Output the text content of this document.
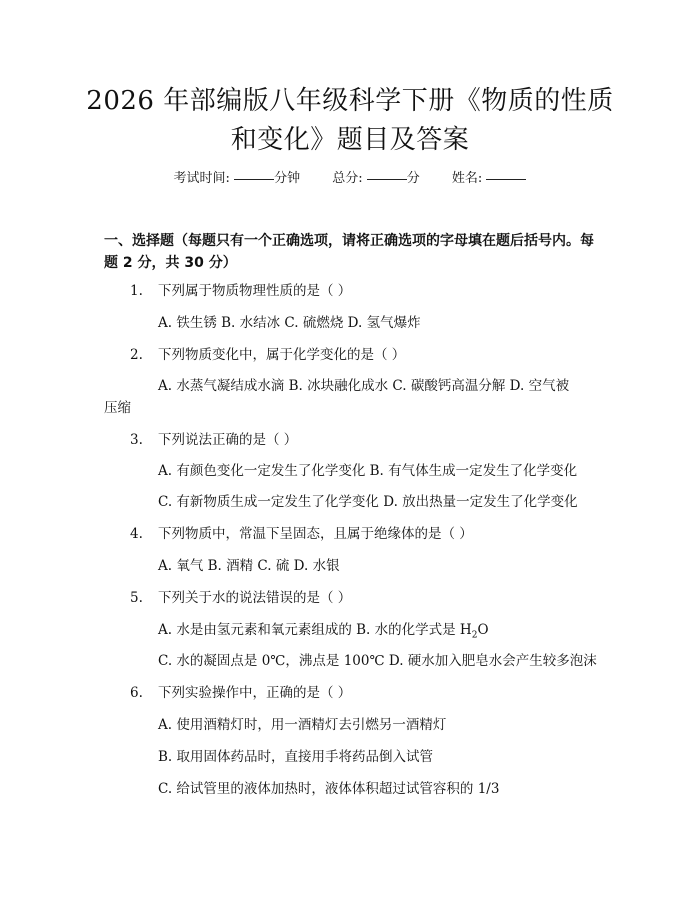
2026 年部编版八年级科学下册《物质的性质
和变化》题目及答案
考试时间:	分钟 总分:	分 姓名:
一、选择题（每题只有一个正确选项，请将正确选项的字母填在题后括号内。每
题 2 分，共 30 分）
1. 下列属于物质物理性质的是（ ）
A. 铁生锈 B. 水结冰 C. 硫燃烧 D. 氢气爆炸
2. 下列物质变化中，属于化学变化的是（ ）
A. 水蒸气凝结成水滴 B. 冰块融化成水 C. 碳酸钙高温分解 D. 空气被
压缩
3. 下列说法正确的是（ ）
A. 有颜色变化一定发生了化学变化 B. 有气体生成一定发生了化学变化
C. 有新物质生成一定发生了化学变化 D. 放出热量一定发生了化学变化
4. 下列物质中，常温下呈固态，且属于绝缘体的是（ ）
A. 氧气 B. 酒精 C. 硫 D. 水银
5. 下列关于水的说法错误的是（ ）
A. 水是由氢元素和氧元素组成的 B. 水的化学式是 $H_2O$
C. 水的凝固点是 0℃，沸点是 100℃ D. 硬水加入肥皂水会产生较多泡沫
6. 下列实验操作中，正确的是（ ）
A. 使用酒精灯时，用一酒精灯去引燃另一酒精灯
B. 取用固体药品时，直接用手将药品倒入试管
C. 给试管里的液体加热时，液体体积超过试管容积的 1/3
